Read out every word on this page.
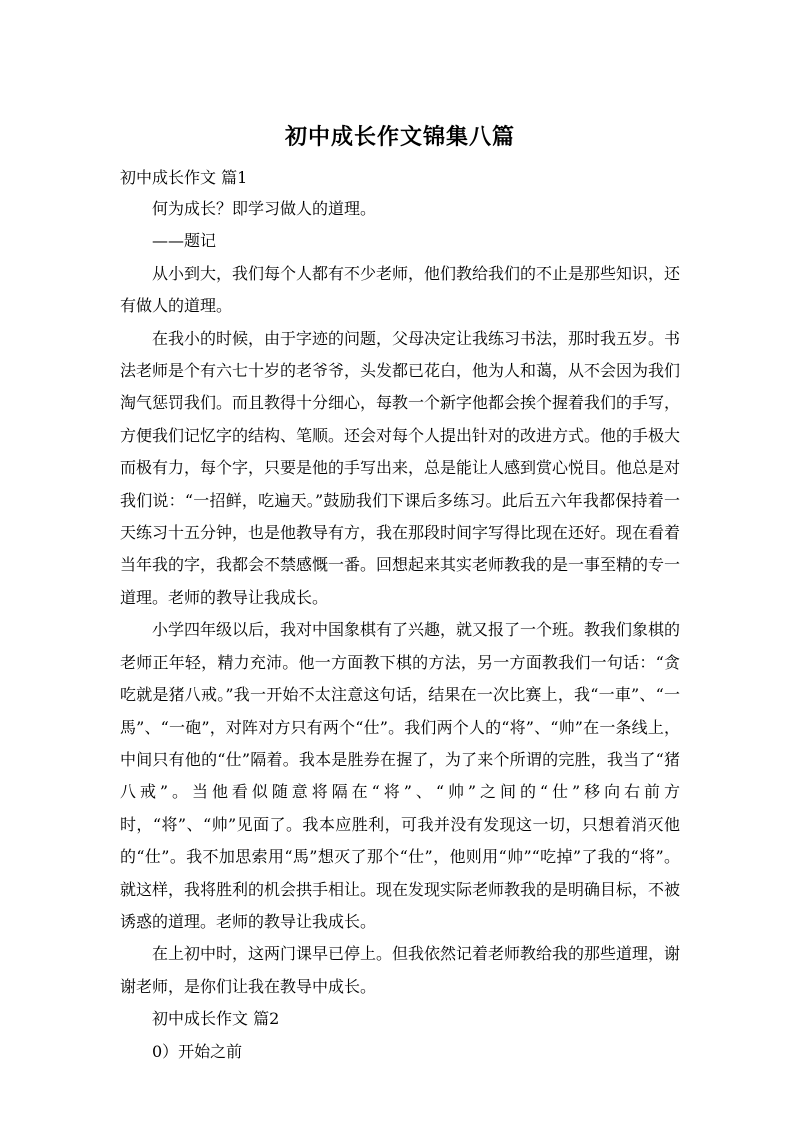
初中成长作文锦集八篇
初中成长作文 篇1

何为成长？即学习做人的道理。

——题记

从小到大，我们每个人都有不少老师，他们教给我们的不止是那些知识，还有做人的道理。

在我小的时候，由于字迹的问题，父母决定让我练习书法，那时我五岁。书法老师是个有六七十岁的老爷爷，头发都已花白，他为人和蔼，从不会因为我们淘气惩罚我们。而且教得十分细心，每教一个新字他都会挨个握着我们的手写，方便我们记忆字的结构、笔顺。还会对每个人提出针对的改进方式。他的手极大而极有力，每个字，只要是他的手写出来，总是能让人感到赏心悦目。他总是对我们说：“一招鲜，吃遍天。”鼓励我们下课后多练习。此后五六年我都保持着一天练习十五分钟，也是他教导有方，我在那段时间字写得比现在还好。现在看着当年我的字，我都会不禁感慨一番。回想起来其实老师教我的是一事至精的专一道理。老师的教导让我成长。

小学四年级以后，我对中国象棋有了兴趣，就又报了一个班。教我们象棋的老师正年轻，精力充沛。他一方面教下棋的方法，另一方面教我们一句话：“贪吃就是猪八戒。”我一开始不太注意这句话，结果在一次比赛上，我“一車”、“一馬”、“一砲”，对阵对方只有两个“仕”。我们两个人的“将”、“帅”在一条线上，中间只有他的“仕”隔着。我本是胜券在握了，为了来个所谓的完胜，我当了“猪八戒”。当他看似随意将隔在“将”、“帅”之间的“仕”移向右前方时，“将”、“帅”见面了。我本应胜利，可我并没有发现这一切，只想着消灭他的“仕”。我不加思索用“馬”想灭了那个“仕”，他则用“帅”“吃掉”了我的“将”。就这样，我将胜利的机会拱手相让。现在发现实际老师教我的是明确目标，不被诱惑的道理。老师的教导让我成长。

在上初中时，这两门课早已停上。但我依然记着老师教给我的那些道理，谢谢老师，是你们让我在教导中成长。

初中成长作文 篇2

0）开始之前
